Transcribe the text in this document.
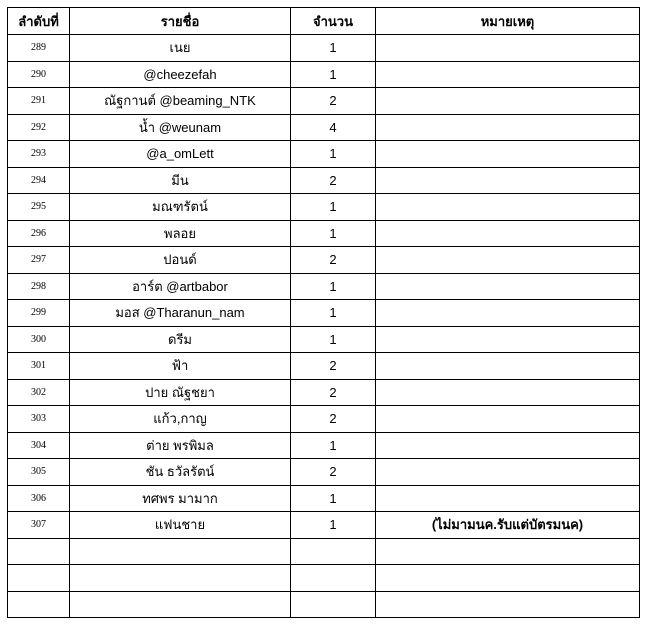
ลำดับที่	รายชื่อ	จำนวน	หมายเหตุ
289	เนย	1	
290	@cheezefah	1	
291	ณัฐกานต์ @beaming_NTK	2	
292	น้ำ @weunam	4	
293	@a_omLett	1	
294	มีน	2	
295	มณฑรัตน์	1	
296	พลอย	1	
297	ปอนด์	2	
298	อาร์ต @artbabor	1	
299	มอส @Tharanun_nam	1	
300	ดรีม	1	
301	ฟ้า	2	
302	ปาย ณัฐชยา	2	
303	แก้ว,กาญ	2	
304	ต่าย พรพิมล	1	
305	ชัน ธวัลรัตน์	2	
306	ทศพร มามาก	1	
307	แฟนชาย	1	(ไม่มามนค.รับแต่บัตรมนค)
